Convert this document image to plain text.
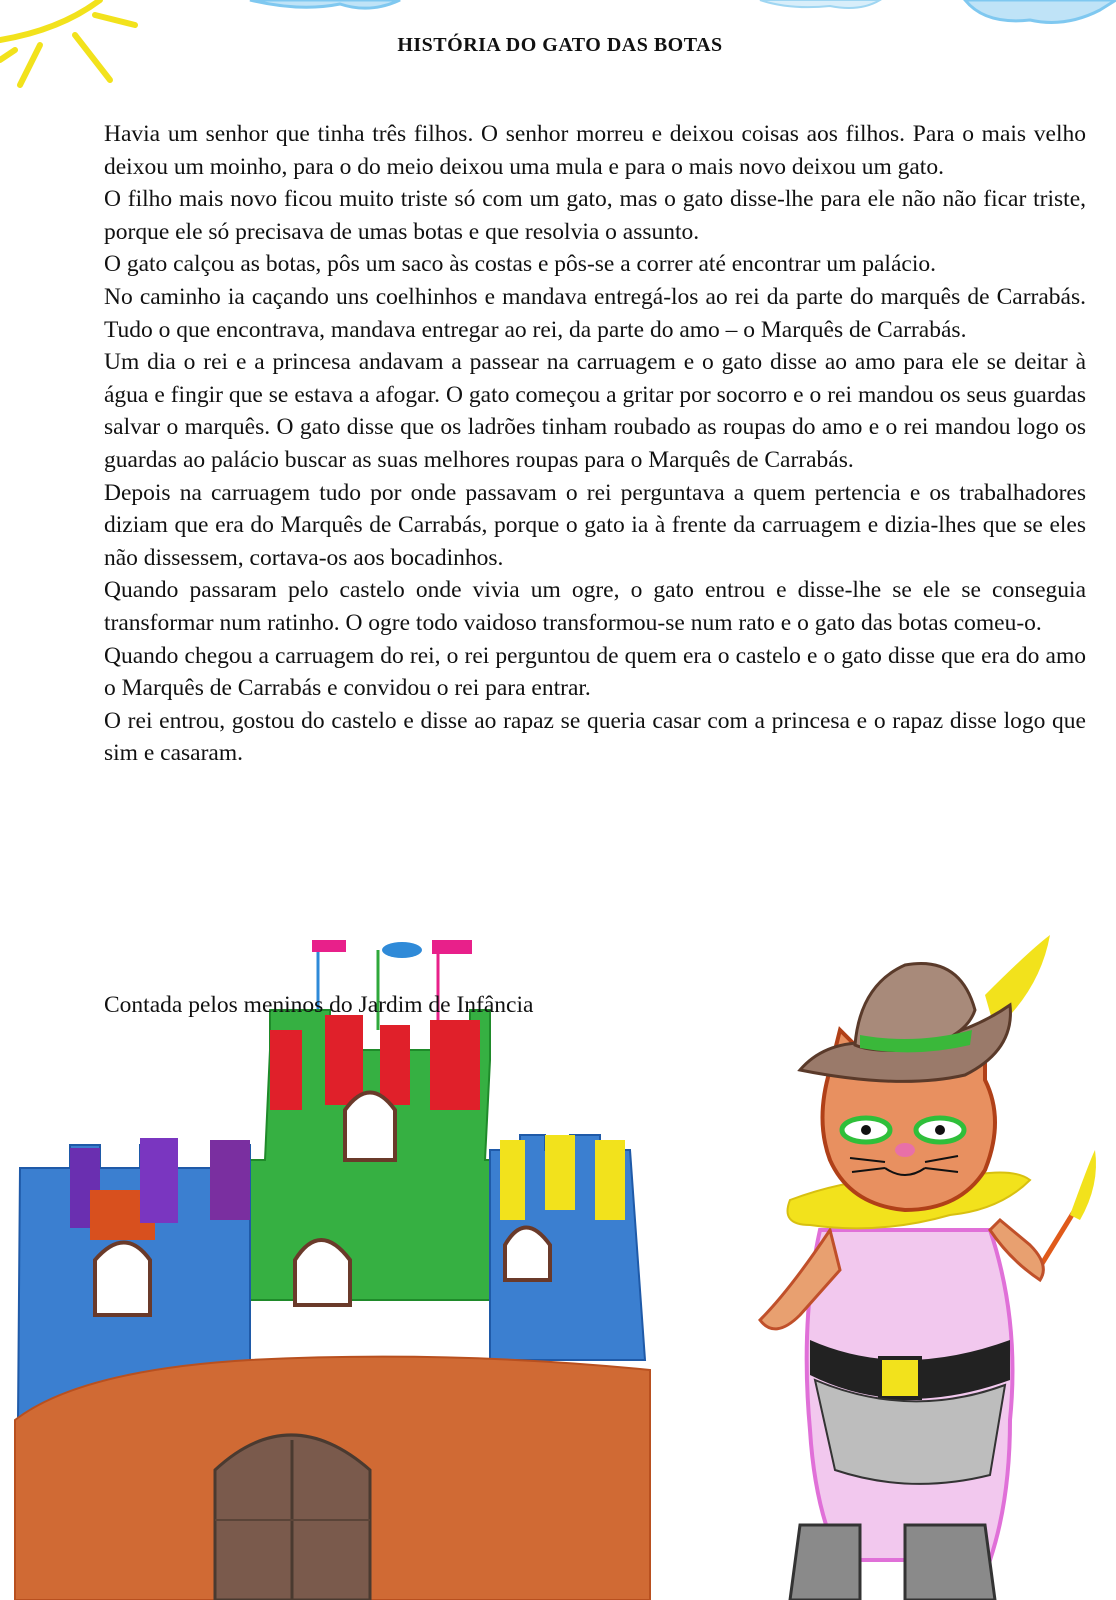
HISTÓRIA DO GATO DAS BOTAS

Havia um senhor que tinha três filhos. O senhor morreu e deixou coisas aos filhos. Para o mais velho deixou um moinho, para o do meio deixou uma mula e para o mais novo deixou um gato.

O filho mais novo ficou muito triste só com um gato, mas o gato disse-lhe para ele não não ficar triste, porque ele só precisava de umas botas e que resolvia o assunto.

O gato calçou as botas, pôs um saco às costas e pôs-se a correr até encontrar um palácio.

No caminho ia caçando uns coelhinhos e mandava entregá-los ao rei da parte do marquês de Carrabás. Tudo o que encontrava, mandava entregar ao rei, da parte do amo – o Marquês de Carrabás.

Um dia o rei e a princesa andavam a passear na carruagem e o gato disse ao amo para ele se deitar à água e fingir que se estava a afogar. O gato começou a gritar por socorro e o rei mandou os seus guardas salvar o marquês. O gato disse que os ladrões tinham roubado as roupas do amo e o rei mandou logo os guardas ao palácio buscar as suas melhores roupas para o Marquês de Carrabás.

Depois na carruagem tudo por onde passavam o rei perguntava a quem pertencia e os trabalhadores diziam que era do Marquês de Carrabás, porque o gato ia à frente da carruagem e dizia-lhes que se eles não dissessem, cortava-os aos bocadinhos.

Quando passaram pelo castelo onde vivia um ogre, o gato entrou e disse-lhe se ele se conseguia transformar num ratinho. O ogre todo vaidoso transformou-se num rato e o gato das botas comeu-o.

Quando chegou a carruagem do rei, o rei perguntou de quem era o castelo e o gato disse que era do amo o Marquês de Carrabás e convidou o rei para entrar.

O rei entrou, gostou do castelo e disse ao rapaz se queria casar com a princesa e o rapaz disse logo que sim e casaram.

Contada pelos meninos do Jardim de Infância
